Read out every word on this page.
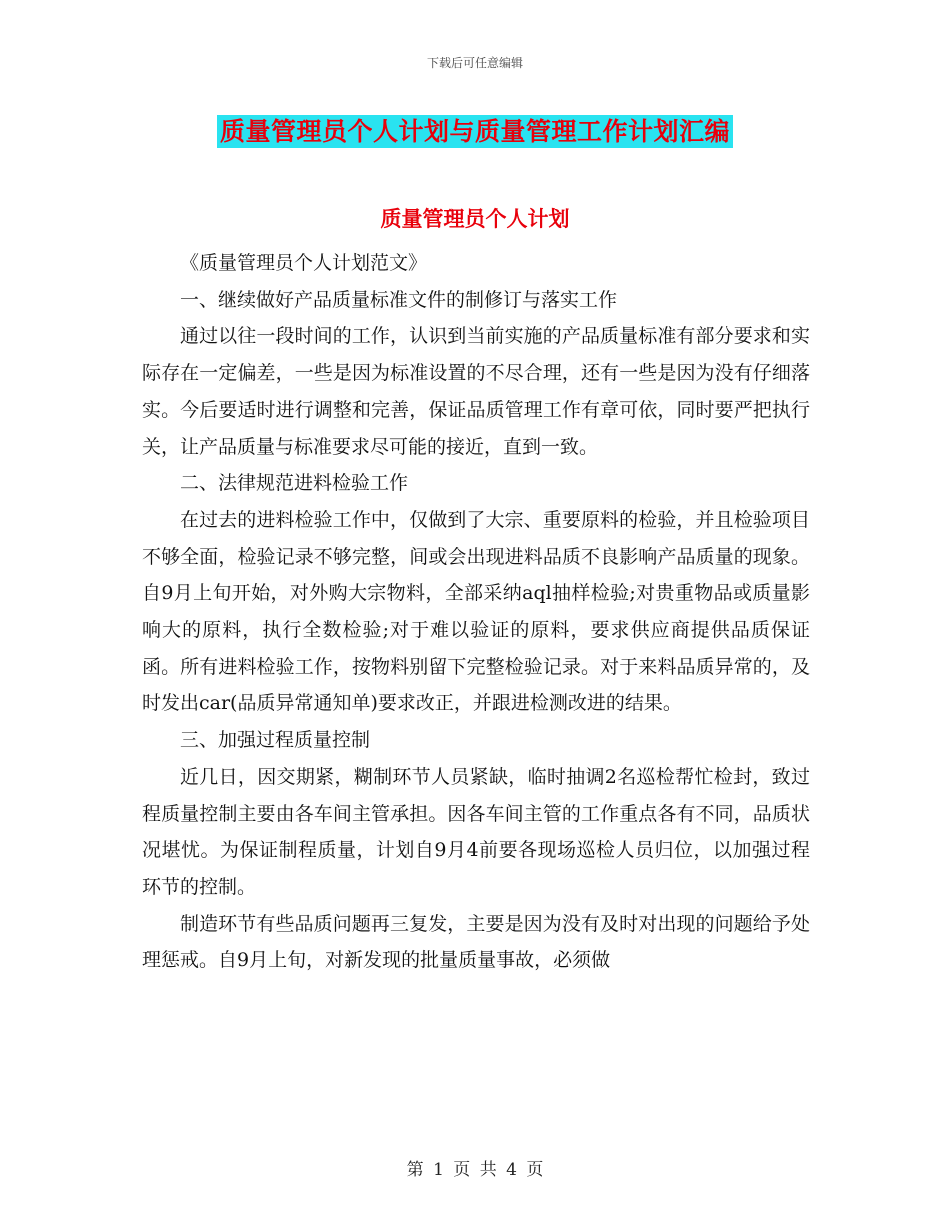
下载后可任意编辑
质量管理员个人计划与质量管理工作计划汇编
质量管理员个人计划

《质量管理员个人计划范文》

一、继续做好产品质量标准文件的制修订与落实工作

通过以往一段时间的工作，认识到当前实施的产品质量标准有部分要求和实际存在一定偏差，一些是因为标准设置的不尽合理，还有一些是因为没有仔细落实。今后要适时进行调整和完善，保证品质管理工作有章可依，同时要严把执行关，让产品质量与标准要求尽可能的接近，直到一致。

二、法律规范进料检验工作

在过去的进料检验工作中，仅做到了大宗、重要原料的检验，并且检验项目不够全面，检验记录不够完整，间或会出现进料品质不良影响产品质量的现象。自9月上旬开始，对外购大宗物料，全部采纳aql抽样检验;对贵重物品或质量影响大的原料，执行全数检验;对于难以验证的原料，要求供应商提供品质保证函。所有进料检验工作，按物料别留下完整检验记录。对于来料品质异常的，及时发出car(品质异常通知单)要求改正，并跟进检测改进的结果。

三、加强过程质量控制

近几日，因交期紧，糊制环节人员紧缺，临时抽调2名巡检帮忙检封，致过程质量控制主要由各车间主管承担。因各车间主管的工作重点各有不同，品质状况堪忧。为保证制程质量，计划自9月4前要各现场巡检人员归位，以加强过程环节的控制。

制造环节有些品质问题再三复发，主要是因为没有及时对出现的问题给予处理惩戒。自9月上旬，对新发现的批量质量事故，必须做

第 1 页 共 4 页
